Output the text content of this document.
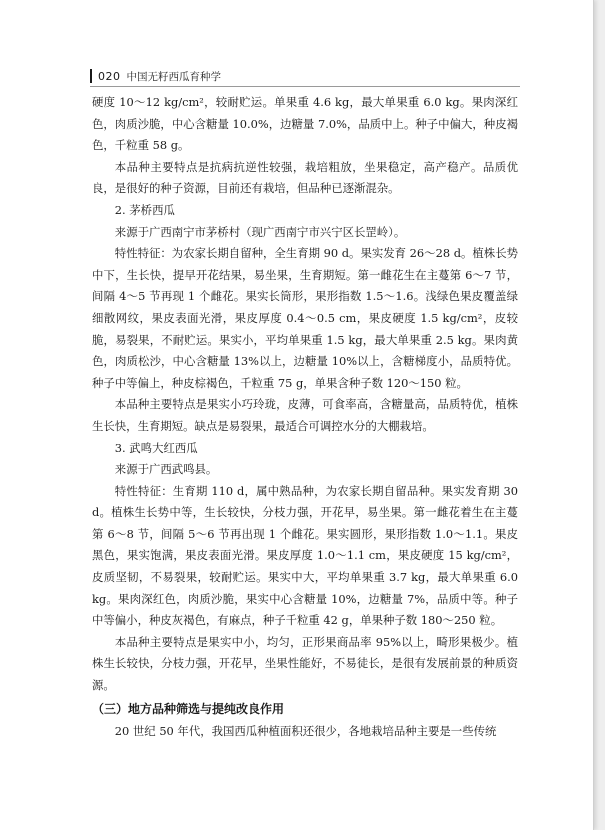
020 中国无籽西瓜育种学

硬度 10～12 kg/cm²，较耐贮运。单果重 4.6 kg，最大单果重 6.0 kg。果肉深红色，肉质沙脆，中心含糖量 10.0%，边糖量 7.0%，品质中上。种子中偏大，种皮褐色，千粒重 58 g。

本品种主要特点是抗病抗逆性较强，栽培粗放，坐果稳定，高产稳产。品质优良，是很好的种子资源，目前还有栽培，但品种已逐渐混杂。

2. 茅桥西瓜

来源于广西南宁市茅桥村（现广西南宁市兴宁区长罡岭）。

特性特征：为农家长期自留种，全生育期 90 d。果实发育 26～28 d。植株长势中下，生长快，提早开花结果，易坐果，生育期短。第一雌花生在主蔓第 6～7 节，间隔 4～5 节再现 1 个雌花。果实长筒形，果形指数 1.5～1.6。浅绿色果皮覆盖绿细散网纹，果皮表面光滑，果皮厚度 0.4～0.5 cm，果皮硬度 1.5 kg/cm²，皮较脆，易裂果，不耐贮运。果实小，平均单果重 1.5 kg，最大单果重 2.5 kg。果肉黄色，肉质松沙，中心含糖量 13%以上，边糖量 10%以上，含糖梯度小，品质特优。种子中等偏上，种皮棕褐色，千粒重 75 g，单果含种子数 120～150 粒。

本品种主要特点是果实小巧玲珑，皮薄，可食率高，含糖量高，品质特优，植株生长快，生育期短。缺点是易裂果，最适合可调控水分的大棚栽培。

3. 武鸣大红西瓜

来源于广西武鸣县。

特性特征：生育期 110 d，属中熟品种，为农家长期自留品种。果实发育期 30 d。植株生长势中等，生长较快，分枝力强，开花早，易坐果。第一雌花着生在主蔓第 6～8 节，间隔 5～6 节再出现 1 个雌花。果实圆形，果形指数 1.0～1.1。果皮黑色，果实饱满，果皮表面光滑。果皮厚度 1.0～1.1 cm，果皮硬度 15 kg/cm²，皮质坚韧，不易裂果，较耐贮运。果实中大，平均单果重 3.7 kg，最大单果重 6.0 kg。果肉深红色，肉质沙脆，果实中心含糖量 10%，边糖量 7%，品质中等。种子中等偏小，种皮灰褐色，有麻点，种子千粒重 42 g，单果种子数 180～250 粒。

本品种主要特点是果实中小，均匀，正形果商品率 95%以上，畸形果极少。植株生长较快，分枝力强，开花早，坐果性能好，不易徒长，是很有发展前景的种质资源。

（三）地方品种筛选与提纯改良作用

20 世纪 50 年代，我国西瓜种植面积还很少，各地栽培品种主要是一些传统
